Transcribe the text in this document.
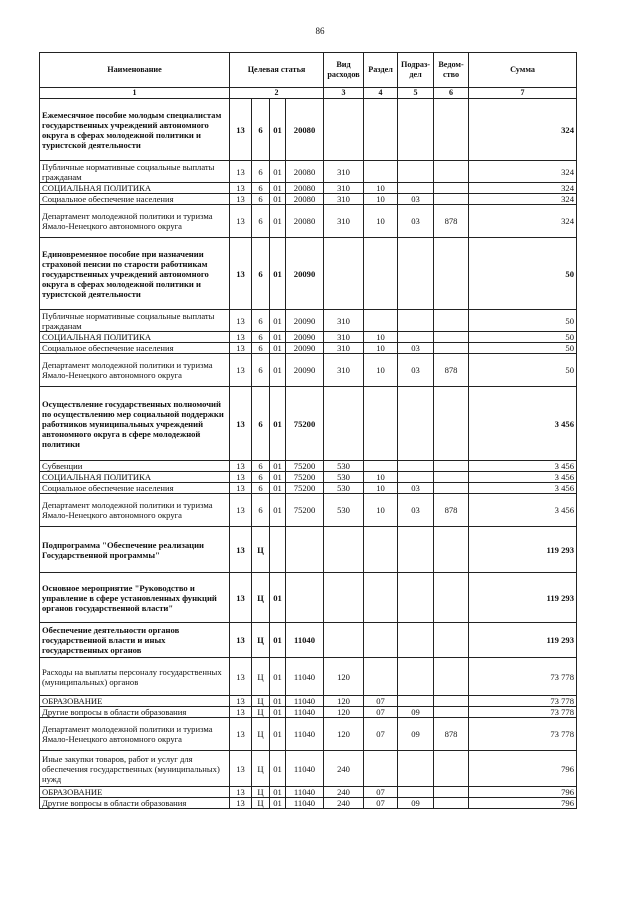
86
Наименование	Целевая статья				Вид расходов	Раздел	Подраз-дел	Ведом-ство	Сумма
1	2				3	4	5	6	7
Ежемесячное пособие молодым специалистам государственных учреждений автономного округа в сферах молодежной политики и туристской деятельности	13	6	01	20080					324
Публичные нормативные социальные выплаты гражданам	13	6	01	20080	310				324
СОЦИАЛЬНАЯ ПОЛИТИКА	13	6	01	20080	310	10			324
Социальное обеспечение населения	13	6	01	20080	310	10	03		324
Департамент молодежной политики и туризма Ямало-Ненецкого автономного округа	13	6	01	20080	310	10	03	878	324
Единовременное пособие при назначении страховой пенсии по старости работникам государственных учреждений автономного округа в сферах молодежной политики и туристской деятельности	13	6	01	20090					50
Публичные нормативные социальные выплаты гражданам	13	6	01	20090	310				50
СОЦИАЛЬНАЯ ПОЛИТИКА	13	6	01	20090	310	10			50
Социальное обеспечение населения	13	6	01	20090	310	10	03		50
Департамент молодежной политики и туризма Ямало-Ненецкого автономного округа	13	6	01	20090	310	10	03	878	50
Осуществление государственных полномочий по осуществлению мер социальной поддержки работников муниципальных учреждений автономного округа в сфере молодежной политики	13	6	01	75200					3 456
Субвенции	13	6	01	75200	530				3 456
СОЦИАЛЬНАЯ ПОЛИТИКА	13	6	01	75200	530	10			3 456
Социальное обеспечение населения	13	6	01	75200	530	10	03		3 456
Департамент молодежной политики и туризма Ямало-Ненецкого автономного округа	13	6	01	75200	530	10	03	878	3 456
Подпрограмма "Обеспечение реализации Государственной программы"	13	Ц							119 293
Основное мероприятие "Руководство и управление в сфере установленных функций органов государственной власти"	13	Ц	01						119 293
Обеспечение деятельности органов государственной власти и иных государственных органов	13	Ц	01	11040					119 293
Расходы на выплаты персоналу государственных (муниципальных) органов	13	Ц	01	11040	120				73 778
ОБРАЗОВАНИЕ	13	Ц	01	11040	120	07			73 778
Другие вопросы в области образования	13	Ц	01	11040	120	07	09		73 778
Департамент молодежной политики и туризма Ямало-Ненецкого автономного округа	13	Ц	01	11040	120	07	09	878	73 778
Иные закупки товаров, работ и услуг для обеспечения государственных (муниципальных) нужд	13	Ц	01	11040	240				796
ОБРАЗОВАНИЕ	13	Ц	01	11040	240	07			796
Другие вопросы в области образования	13	Ц	01	11040	240	07	09		796
